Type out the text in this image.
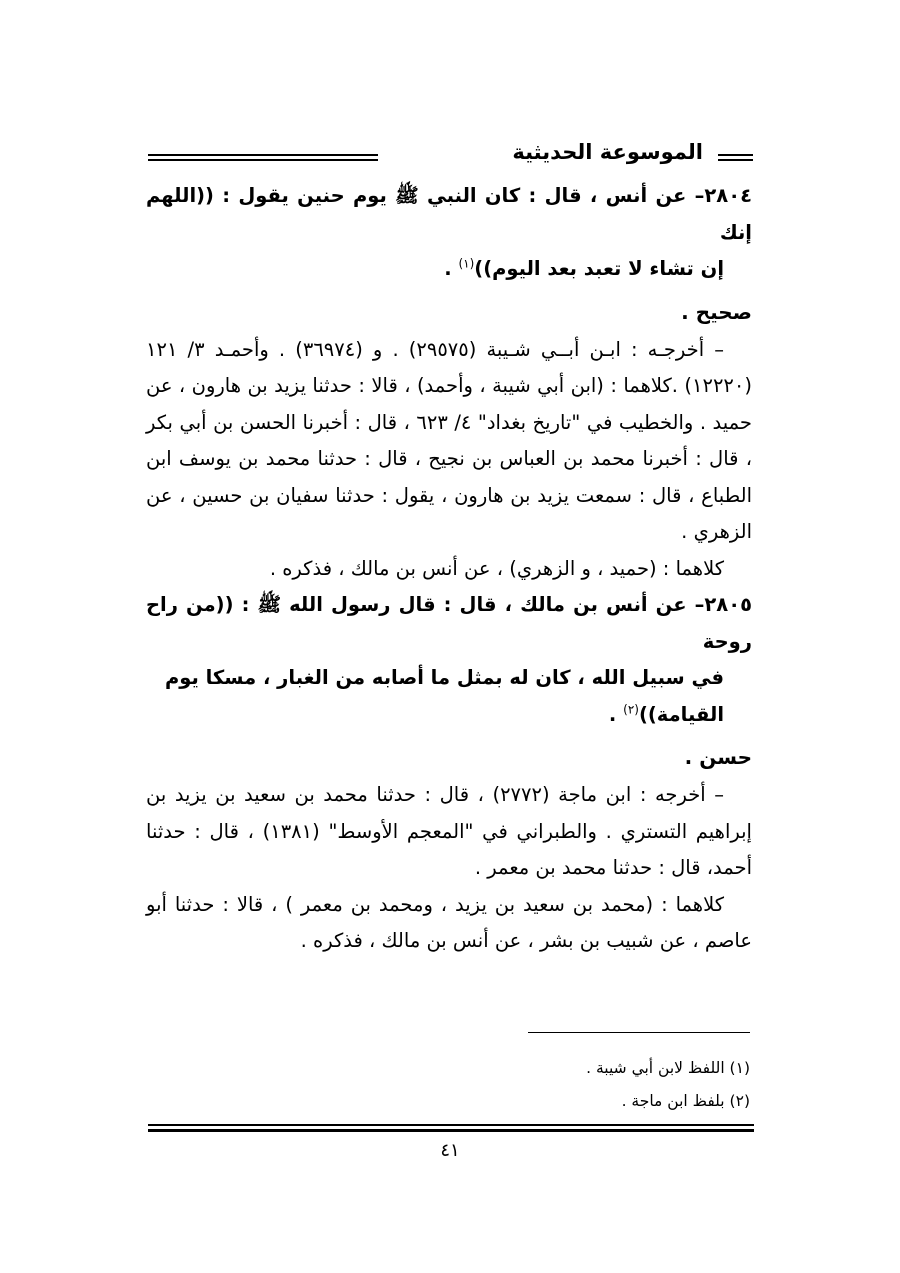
الموسوعة الحديثية

٢٨٠٤– عن أنس ، قال : كان النبي ﷺ يوم حنين يقول : ((اللهم إنك
إن تشاء لا تعبد بعد اليوم))$^{(١)}$ .

صحيح .

– أخرجـه : ابـن أبــي شـيبة (٢٩٥٧٥) . و (٣٦٩٧٤) . وأحمـد ٣/ ١٢١ (١٢٢٢٠) .كلاهما : (ابن أبي شيبة ، وأحمد) ، قالا : حدثنا يزيد بن هارون ، عن حميد . والخطيب في "تاريخ بغداد" ٤/ ٦٢٣ ، قال : أخبرنا الحسن بن أبي بكر ، قال : أخبرنا محمد بن العباس بن نجيح ، قال : حدثنا محمد بن يوسف ابن الطباع ، قال : سمعت يزيد بن هارون ، يقول : حدثنا سفيان بن حسين ، عن الزهري .

كلاهما : (حميد ، و الزهري) ، عن أنس بن مالك ، فذكره .

٢٨٠٥– عن أنس بن مالك ، قال : قال رسول الله ﷺ : ((من راح روحة
في سبيل الله ، كان له بمثل ما أصابه من الغبار ، مسكا يوم
القيامة))$^{(٢)}$ .

حسن .

– أخرجه : ابن ماجة (٢٧٧٢) ، قال : حدثنا محمد بن سعيد بن يزيد بن إبراهيم التستري . والطبراني في "المعجم الأوسط" (١٣٨١) ، قال : حدثنا أحمد، قال : حدثنا محمد بن معمر .

كلاهما : (محمد بن سعيد بن يزيد ، ومحمد بن معمر ) ، قالا : حدثنا أبو عاصم ، عن شبيب بن بشر ، عن أنس بن مالك ، فذكره .

(١) اللفظ لابن أبي شيبة .
(٢) بلفظ ابن ماجة .
٤١
